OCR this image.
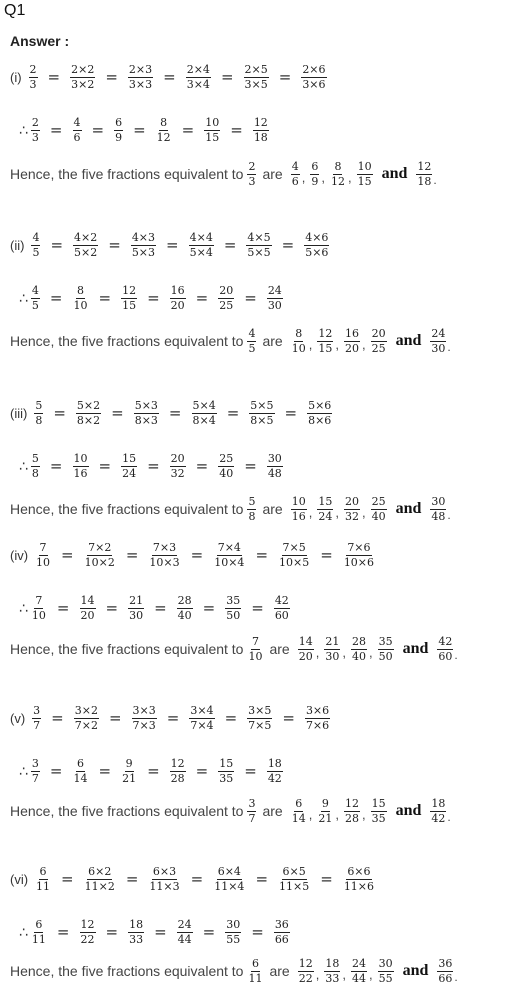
Q1
Answer :
$(i) \frac{2}{3} = \frac{2\times 2}{3\times 2} = \frac{2\times 3}{3\times 3} = \frac{2\times 4}{3\times 4} = \frac{2\times 5}{3\times 5} = \frac{2\times 6}{3\times 6}$
∴ $\frac{2}{3} = \frac{4}{6} = \frac{6}{9} = \frac{8}{12} = \frac{10}{15} = \frac{12}{18}$
Hence, the five fractions equivalent to $\frac{2}{3}$ are $\frac{4}{6}$ , $\frac{6}{9}$ , $\frac{8}{12}$ , $\frac{10}{15}$ and $\frac{12}{18}$ .
$(ii) \frac{4}{5} = \frac{4\times 2}{5\times 2} = \frac{4\times 3}{5\times 3} = \frac{4\times 4}{5\times 4} = \frac{4\times 5}{5\times 5} = \frac{4\times 6}{5\times 6}$
∴ $\frac{4}{5} = \frac{8}{10} = \frac{12}{15} = \frac{16}{20} = \frac{20}{25} = \frac{24}{30}$
Hence, the five fractions equivalent to $\frac{4}{5}$ are $\frac{8}{10}$ , $\frac{12}{15}$ , $\frac{16}{20}$ , $\frac{20}{25}$ and $\frac{24}{30}$ .
$(iii) \frac{5}{8} = \frac{5\times 2}{8\times 2} = \frac{5\times 3}{8\times 3} = \frac{5\times 4}{8\times 4} = \frac{5\times 5}{8\times 5} = \frac{5\times 6}{8\times 6}$
∴ $\frac{5}{8} = \frac{10}{16} = \frac{15}{24} = \frac{20}{32} = \frac{25}{40} = \frac{30}{48}$
Hence, the five fractions equivalent to $\frac{5}{8}$ are $\frac{10}{16}$ , $\frac{15}{24}$ , $\frac{20}{32}$ , $\frac{25}{40}$ and $\frac{30}{48}$ .
$(iv) \frac{7}{10} = \frac{7\times 2}{10\times 2} = \frac{7\times 3}{10\times 3} = \frac{7\times 4}{10\times 4} = \frac{7\times 5}{10\times 5} = \frac{7\times 6}{10\times 6}$
∴ $\frac{7}{10} = \frac{14}{20} = \frac{21}{30} = \frac{28}{40} = \frac{35}{50} = \frac{42}{60}$
Hence, the five fractions equivalent to $\frac{7}{10}$ are $\frac{14}{20}$ , $\frac{21}{30}$ , $\frac{28}{40}$ , $\frac{35}{50}$ and $\frac{42}{60}$ .
$(v) \frac{3}{7} = \frac{3\times 2}{7\times 2} = \frac{3\times 3}{7\times 3} = \frac{3\times 4}{7\times 4} = \frac{3\times 5}{7\times 5} = \frac{3\times 6}{7\times 6}$
∴ $\frac{3}{7} = \frac{6}{14} = \frac{9}{21} = \frac{12}{28} = \frac{15}{35} = \frac{18}{42}$
Hence, the five fractions equivalent to $\frac{3}{7}$ are $\frac{6}{14}$ , $\frac{9}{21}$ , $\frac{12}{28}$ , $\frac{15}{35}$ and $\frac{18}{42}$ .
$(vi) \frac{6}{11} = \frac{6\times 2}{11\times 2} = \frac{6\times 3}{11\times 3} = \frac{6\times 4}{11\times 4} = \frac{6\times 5}{11\times 5} = \frac{6\times 6}{11\times 6}$
∴ $\frac{6}{11} = \frac{12}{22} = \frac{18}{33} = \frac{24}{44} = \frac{30}{55} = \frac{36}{66}$
Hence, the five fractions equivalent to $\frac{6}{11}$ are $\frac{12}{22}$ , $\frac{18}{33}$ , $\frac{24}{44}$ , $\frac{30}{55}$ and $\frac{36}{66}$ .
